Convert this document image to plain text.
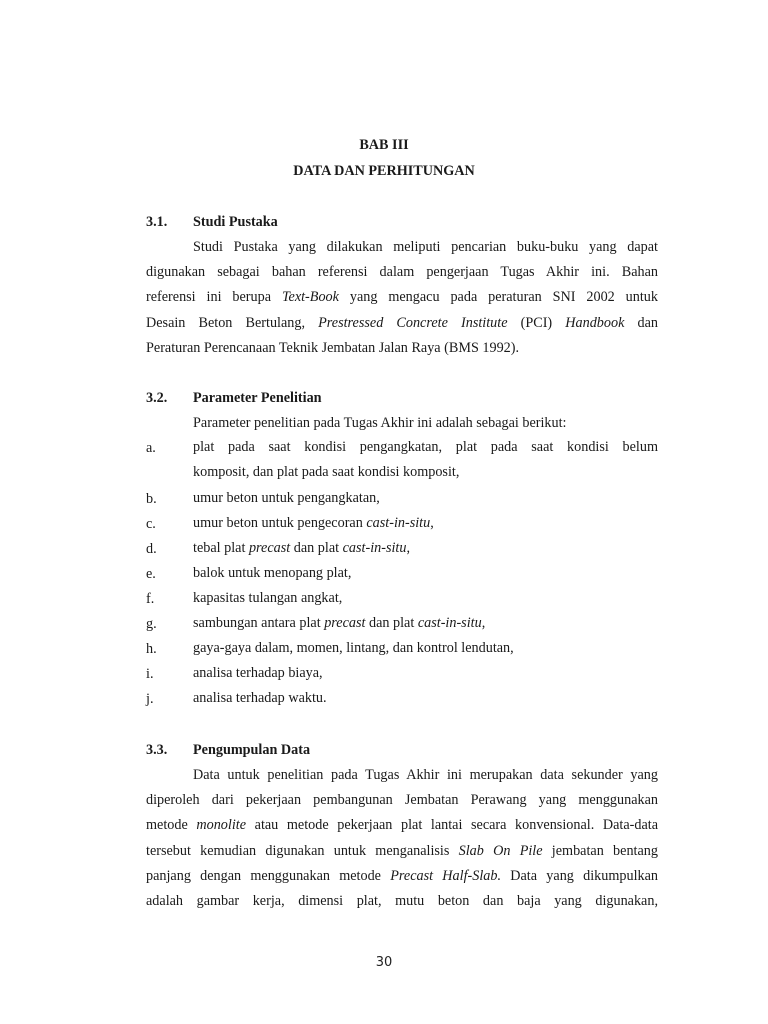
BAB III
DATA DAN PERHITUNGAN
3.1. Studi Pustaka
Studi Pustaka yang dilakukan meliputi pencarian buku-buku yang dapat
digunakan sebagai bahan referensi dalam pengerjaan Tugas Akhir ini. Bahan
referensi ini berupa Text-Book yang mengacu pada peraturan SNI 2002 untuk
Desain Beton Bertulang, Prestressed Concrete Institute (PCI) Handbook dan
Peraturan Perencanaan Teknik Jembatan Jalan Raya (BMS 1992).
3.2. Parameter Penelitian
Parameter penelitian pada Tugas Akhir ini adalah sebagai berikut:
a.	plat pada saat kondisi pengangkatan, plat pada saat kondisi belum
komposit, dan plat pada saat kondisi komposit,
b.	umur beton untuk pengangkatan,
c.	umur beton untuk pengecoran cast-in-situ,
d.	tebal plat precast dan plat cast-in-situ,
e.	balok untuk menopang plat,
f.	kapasitas tulangan angkat,
g.	sambungan antara plat precast dan plat cast-in-situ,
h.	gaya-gaya dalam, momen, lintang, dan kontrol lendutan,
i.	analisa terhadap biaya,
j.	analisa terhadap waktu.
3.3. Pengumpulan Data
Data untuk penelitian pada Tugas Akhir ini merupakan data sekunder yang
diperoleh dari pekerjaan pembangunan Jembatan Perawang yang menggunakan
metode monolite atau metode pekerjaan plat lantai secara konvensional. Data-data
tersebut kemudian digunakan untuk menganalisis Slab On Pile jembatan bentang
panjang dengan menggunakan metode Precast Half-Slab. Data yang dikumpulkan
adalah gambar kerja, dimensi plat, mutu beton dan baja yang digunakan,
30
